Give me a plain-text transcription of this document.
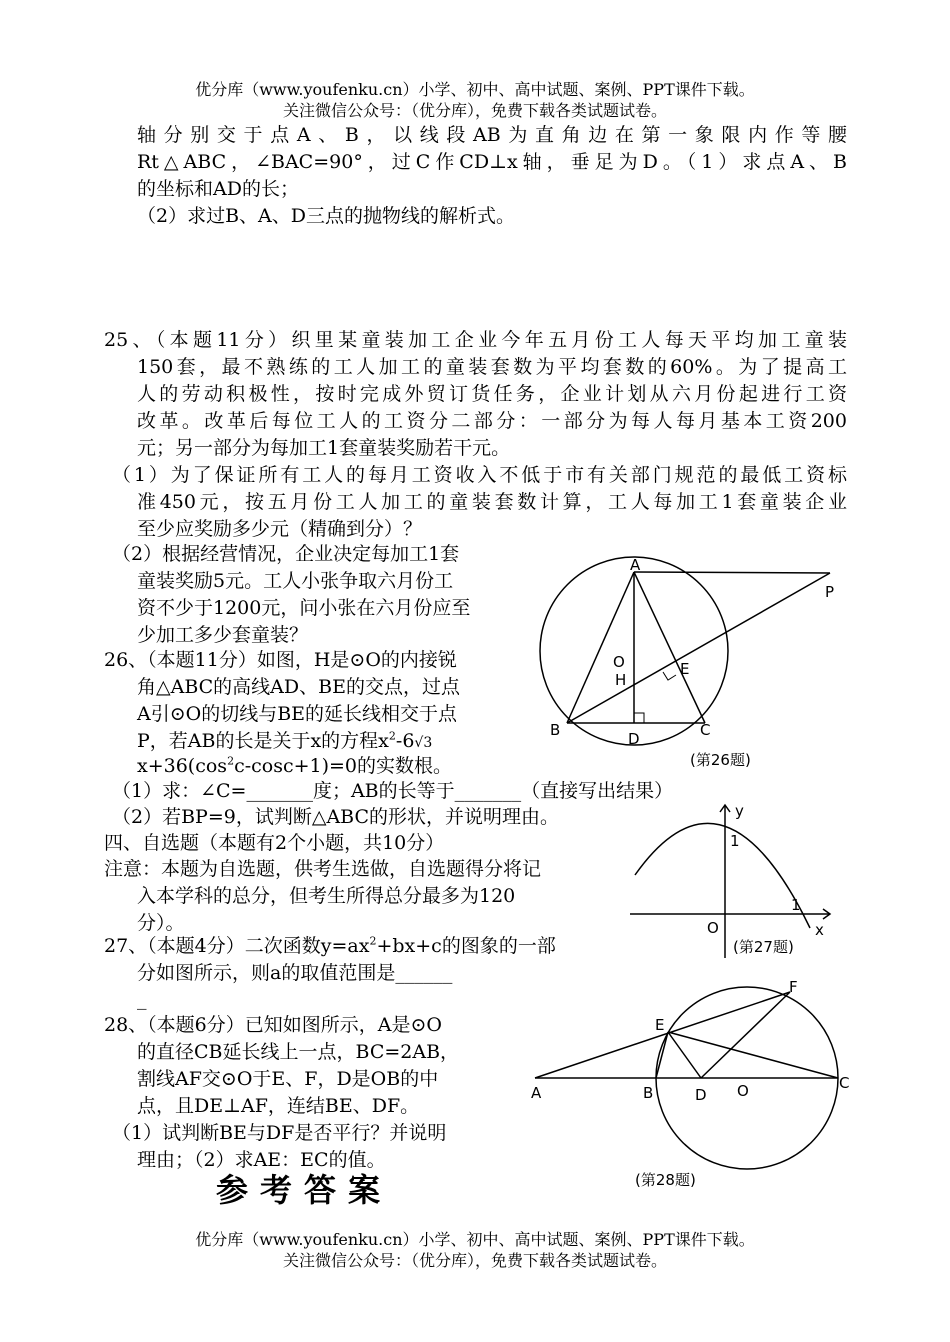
优分库（www.youfenku.cn）小学、初中、高中试题、案例、PPT课件下载。
关注微信公众号：（优分库），免费下载各类试题试卷。
轴分别交于点A、B，以线段AB为直角边在第一象限内作等腰
Rt△ABC，∠BAC=90°，过C作CD⊥x轴，垂足为D。（1）求点A、B
的坐标和AD的长；
（2）求过B、A、D三点的抛物线的解析式。
25、（本题11分）织里某童装加工企业今年五月份工人每天平均加工童装
150套，最不熟练的工人加工的童装套数为平均套数的60%。为了提高工
人的劳动积极性，按时完成外贸订货任务，企业计划从六月份起进行工资
改革。改革后每位工人的工资分二部分：一部分为每人每月基本工资200
元；另一部分为每加工1套童装奖励若干元。
（1）为了保证所有工人的每月工资收入不低于市有关部门规范的最低工资标
准450元，按五月份工人加工的童装套数计算，工人每加工1套童装企业
至少应奖励多少元（精确到分）？
（2）根据经营情况，企业决定每加工1套
童装奖励5元。工人小张争取六月份工
资不少于1200元，问小张在六月份应至
少加工多少套童装？
26、（本题11分）如图，H是⊙O的内接锐
角△ABC的高线AD、BE的交点，过点
A引⊙O的切线与BE的延长线相交于点
P，若AB的长是关于x的方程$x^2-6√3$
$x+36(\cos^2c-\cos c+1)=0$的实数根。
（1）求：∠C=_______度；AB的长等于_______（直接写出结果）
（2）若BP=9，试判断△ABC的形状，并说明理由。
四、自选题（本题有2个小题，共10分）
注意：本题为自选题，供考生选做，自选题得分将记
入本学科的总分，但考生所得总分最多为120
分）。
27、（本题4分）二次函数$y=ax^2+bx+c$的图象的一部
分如图所示，则a的取值范围是______
_
28、（本题6分）已知如图所示，A是⊙O
的直径CB延长线上一点，BC=2AB，
割线AF交⊙O于E、F，D是OB的中
点，且DE⊥AF，连结BE、DF。
（1）试判断BE与DF是否平行？并说明
理由；（2）求AE：EC的值。
参考答案
A
P
O
H
E
B	C
D
(第26题)
y
1
1
O	x
(第27题)
A	B	D O	C
E
F
(第28题)
优分库（www.youfenku.cn）小学、初中、高中试题、案例、PPT课件下载。
关注微信公众号：（优分库），免费下载各类试题试卷。
